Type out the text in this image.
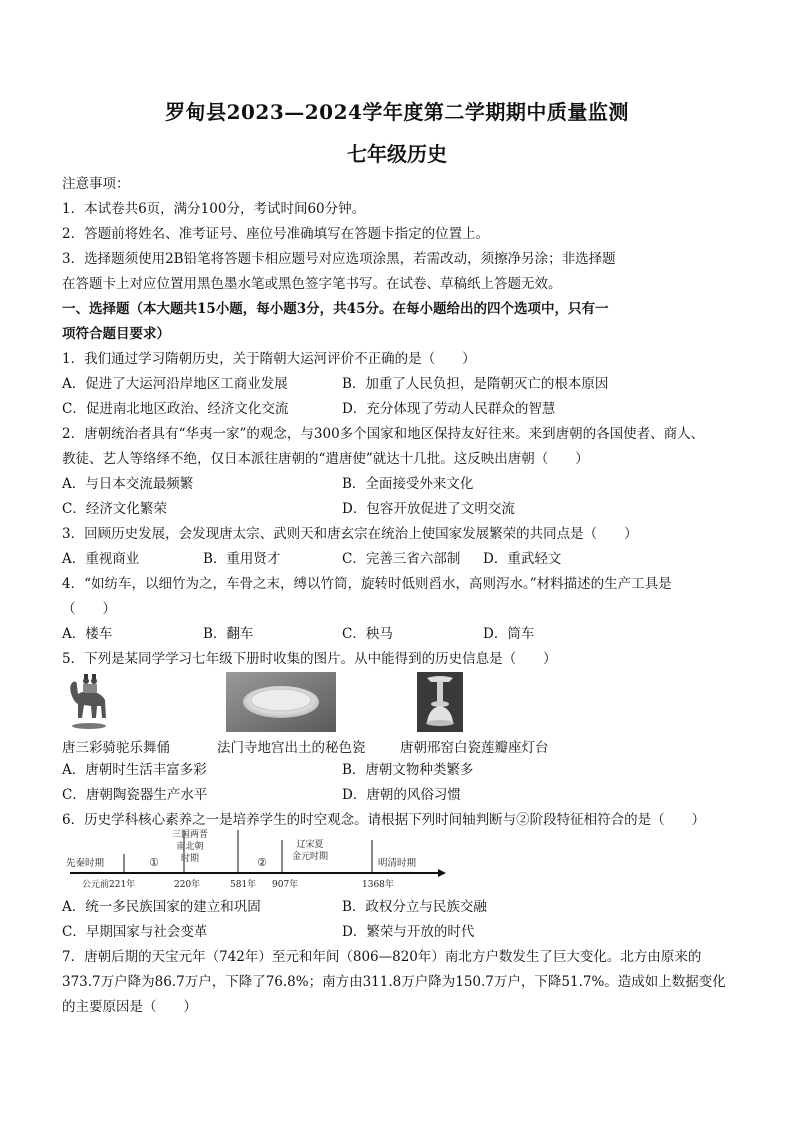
罗甸县2023—2024学年度第二学期期中质量监测
七年级历史
注意事项：
1．本试卷共6页，满分100分，考试时间60分钟。
2．答题前将姓名、准考证号、座位号准确填写在答题卡指定的位置上。
3．选择题须使用2B铅笔将答题卡相应题号对应选项涂黑，若需改动，须擦净另涂；非选择题
在答题卡上对应位置用黑色墨水笔或黑色签字笔书写。在试卷、草稿纸上答题无效。
一、选择题（本大题共15小题，每小题3分，共45分。在每小题给出的四个选项中，只有一
项符合题目要求）
1．我们通过学习隋朝历史，关于隋朝大运河评价不正确的是（　　）
A．促进了大运河沿岸地区工商业发展	B．加重了人民负担，是隋朝灭亡的根本原因
C．促进南北地区政治、经济文化交流	D．充分体现了劳动人民群众的智慧
2．唐朝统治者具有“华夷一家”的观念，与300多个国家和地区保持友好往来。来到唐朝的各国使者、商人、
教徒、艺人等络绎不绝，仅日本派往唐朝的“遣唐使”就达十几批。这反映出唐朝（　　）
A．与日本交流最频繁	B．全面接受外来文化
C．经济文化繁荣	D．包容开放促进了文明交流
3．回顾历史发展，会发现唐太宗、武则天和唐玄宗在统治上使国家发展繁荣的共同点是（　　）
A．重视商业	B．重用贤才	C．完善三省六部制 D．重武轻文
4．“如纺车，以细竹为之，车骨之末，缚以竹筒，旋转时低则舀水，高则泻水。”材料描述的生产工具是
（　　）
A．楼车	B．翻车	C．秧马	D．筒车
5．下列是某同学学习七年级下册时收集的图片。从中能得到的历史信息是（　　）
唐三彩骑驼乐舞俑	法门寺地宫出土的秘色瓷	唐朝邢窑白瓷莲瓣座灯台
A．唐朝时生活丰富多彩	B．唐朝文物种类繁多
C．唐朝陶瓷器生产水平	D．唐朝的风俗习惯
6．历史学科核心素养之一是培养学生的时空观念。请根据下列时间轴判断与②阶段特征相符合的是（　　）
三国两晋
南北朝
时期
辽宋夏
金元时期
先秦时期	①	②	明清时期
公元前221年	220年	581年 907年	1368年
A．统一多民族国家的建立和巩固	B．政权分立与民族交融
C．早期国家与社会变革	D．繁荣与开放的时代
7．唐朝后期的天宝元年（742年）至元和年间（806—820年）南北方户数发生了巨大变化。北方由原来的
373.7万户降为86.7万户，下降了76.8%；南方由311.8万户降为150.7万户，下降51.7%。造成如上数据变化
的主要原因是（　　）
